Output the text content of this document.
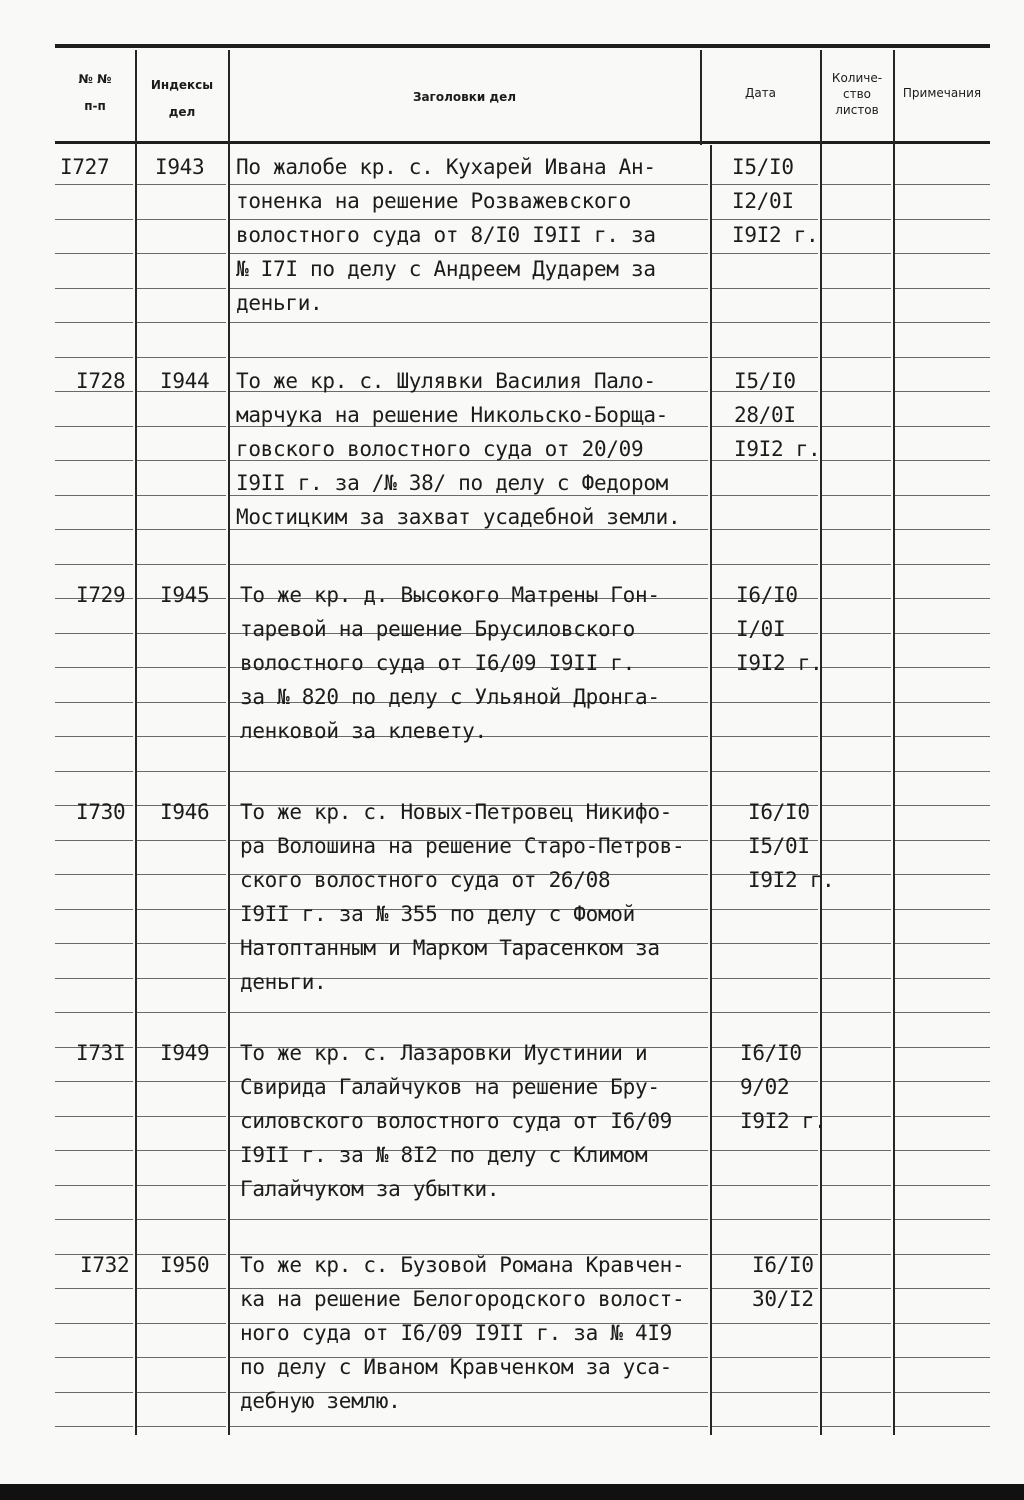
№ №
п-п
Индексы
дел
Заголовки дел	Дата
Количе-
ство
листов
Примечания
I727 I943 По жалобе кр. с. Кухарей Ивана Ан-
тоненка на решение Розважевского
волостного суда от 8/I0 I9II г. за
№ I7I по делу с Андреем Дударем за
деньги.
I5/I0
I2/0I
I9I2 г.
I728 I944 То же кр. с. Шулявки Василия Пало-
марчука на решение Никольско-Борща-
говского волостного суда от 20/09
I9II г. за /№ 38/ по делу с Федором
Мостицким за захват усадебной земли.
I5/I0
28/0I
I9I2 г.
I729 I945 То же кр. д. Высокого Матрены Гон-
таревой на решение Брусиловского
волостного суда от I6/09 I9II г.
за № 820 по делу с Ульяной Дронга-
ленковой за клевету.
I6/I0
I/0I
I9I2 г.
I730 I946 То же кр. с. Новых-Петровец Никифо-
ра Волошина на решение Старо-Петров-
ского волостного суда от 26/08
I9II г. за № 355 по делу с Фомой
Натоптанным и Марком Тарасенком за
деньги.
I6/I0
I5/0I
I9I2 г.
I73I I949 То же кр. с. Лазаровки Иустинии и
Свирида Галайчуков на решение Бру-
силовского волостного суда от I6/09
I9II г. за № 8I2 по делу с Климом
Галайчуком за убытки.
I6/I0
9/02
I9I2 г.
I732 I950 То же кр. с. Бузовой Романа Кравчен-
ка на решение Белогородского волост-
ного суда от I6/09 I9II г. за № 4I9
по делу с Иваном Кравченком за уса-
дебную землю.
I6/I0
30/I2
